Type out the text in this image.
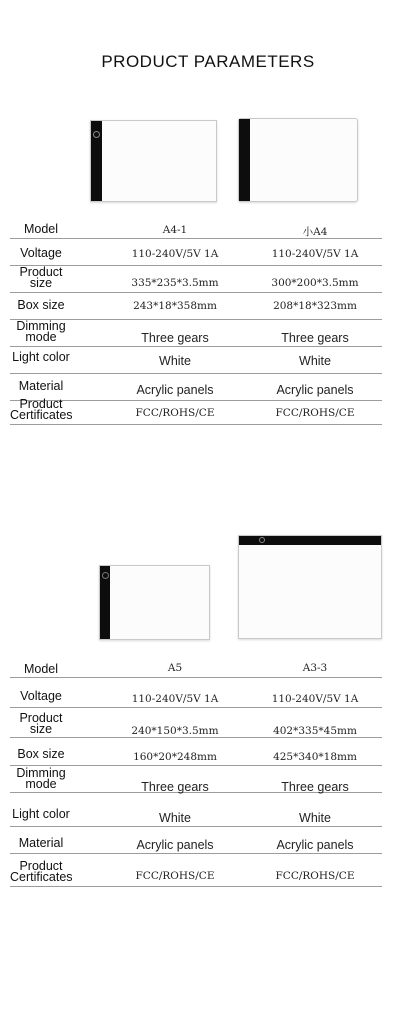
PRODUCT PARAMETERS
Model	A4-1	小A4
Voltage	110-240V/5V 1A	110-240V/5V 1A
Product size	335*235*3.5mm	300*200*3.5mm
Box size	243*18*358mm	208*18*323mm
Dimming mode	Three gears	Three gears
Light color	White	White
Material	Acrylic panels	Acrylic panels
Product Certificates	FCC/ROHS/CE	FCC/ROHS/CE
Model	A5	A3-3
Voltage	110-240V/5V 1A	110-240V/5V 1A
Product size	240*150*3.5mm	402*335*45mm
Box size	160*20*248mm	425*340*18mm
Dimming mode	Three gears	Three gears
Light color	White	White
Material	Acrylic panels	Acrylic panels
Product Certificates	FCC/ROHS/CE	FCC/ROHS/CE
